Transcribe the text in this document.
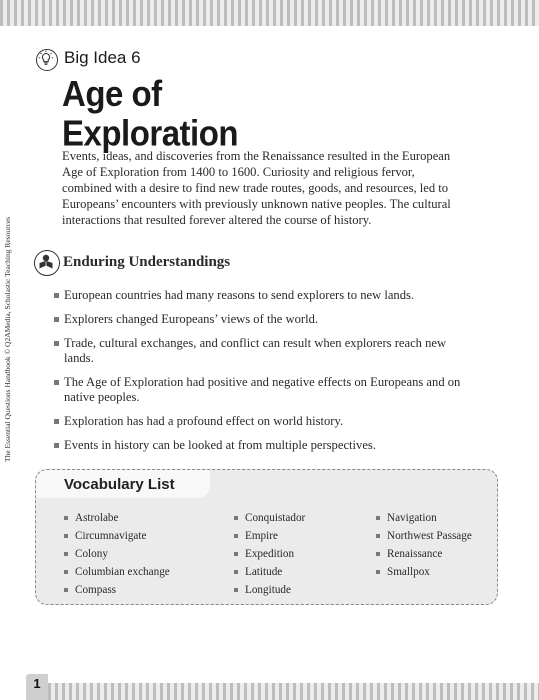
The Essential Questions Handbook © Q2AMedia, Scholastic Teaching Resources
Big Idea 6
Age of
Exploration
Events, ideas, and discoveries from the Renaissance resulted in the European Age of Exploration from 1400 to 1600. Curiosity and religious fervor, combined with a desire to find new trade routes, goods, and resources, led to Europeans’ encounters with previously unknown native peoples. The cultural interactions that resulted forever altered the course of history.
Enduring Understandings
European countries had many reasons to send explorers to new lands.
Explorers changed Europeans’ views of the world.
Trade, cultural exchanges, and conflict can result when explorers reach new lands.
The Age of Exploration had positive and negative effects on Europeans and on native peoples.
Exploration has had a profound effect on world history.
Events in history can be looked at from multiple perspectives.
Vocabulary List
Astrolabe
Circumnavigate
Colony
Columbian exchange
Compass
Conquistador
Empire
Expedition
Latitude
Longitude
Navigation
Northwest Passage
Renaissance
Smallpox
1
